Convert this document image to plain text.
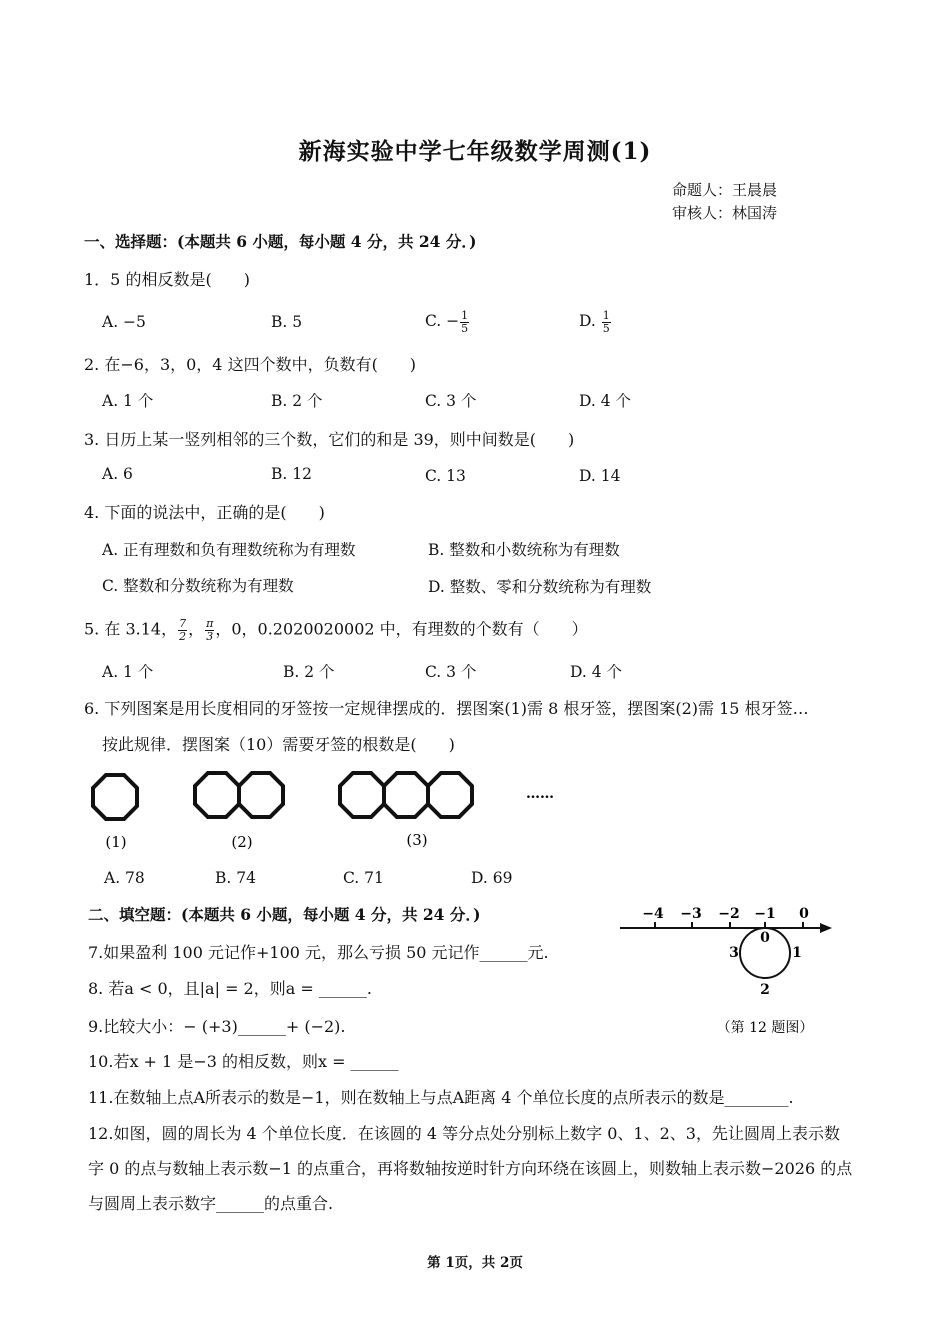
新海实验中学七年级数学周测(1)
命题人：王晨晨
审核人：林国涛
一、选择题：(本题共 6 小题，每小题 4 分，共 24 分．)
1．5 的相反数是(　　)
A. −5	B. 5	C. − $\frac{1}{5}$	D. $\frac{1}{5}$
2. 在−6，3，0，4 这四个数中，负数有(　　)
A. 1 个	B. 2 个	C. 3 个	D. 4 个
3. 日历上某一竖列相邻的三个数，它们的和是 39，则中间数是(　　)
A. 6	B. 12	C. 13	D. 14
4. 下面的说法中，正确的是(　　)
A. 正有理数和负有理数统称为有理数	B. 整数和小数统称为有理数
C. 整数和分数统称为有理数	D. 整数、零和分数统称为有理数
5. 在 3.14， $\frac{7}{2}$ ， $\frac{\pi}{3}$ ，0，0.2020020002 中，有理数的个数有（　　）
A. 1 个	B. 2 个	C. 3 个	D. 4 个
6. 下列图案是用长度相同的牙签按一定规律摆成的．摆图案(1)需 8 根牙签，摆图案(2)需 15 根牙签…
按此规律．摆图案（10）需要牙签的根数是(　　)
……
(1)	(2)	(3)
A. 78	B. 74	C. 71	D. 69
二、填空题：(本题共 6 小题，每小题 4 分，共 24 分．)
7.如果盈利 100 元记作+100 元，那么亏损 50 元记作______元.
8. 若a < 0，且|a| = 2，则a = ______.
9.比较大小：− (+3)______+ (−2).
10.若x + 1 是−3 的相反数，则x = ______
11.在数轴上点A所表示的数是−1，则在数轴上与点A距离 4 个单位长度的点所表示的数是________.
12.如图，圆的周长为 4 个单位长度．在该圆的 4 等分点处分别标上数字 0、1、2、3，先让圆周上表示数
字 0 的点与数轴上表示数−1 的点重合，再将数轴按逆时针方向环绕在该圆上，则数轴上表示数−2026 的点
与圆周上表示数字______的点重合.
−4 −3 −2 −1 0
0
1
2
3
（第 12 题图）
第 1页，共 2页
